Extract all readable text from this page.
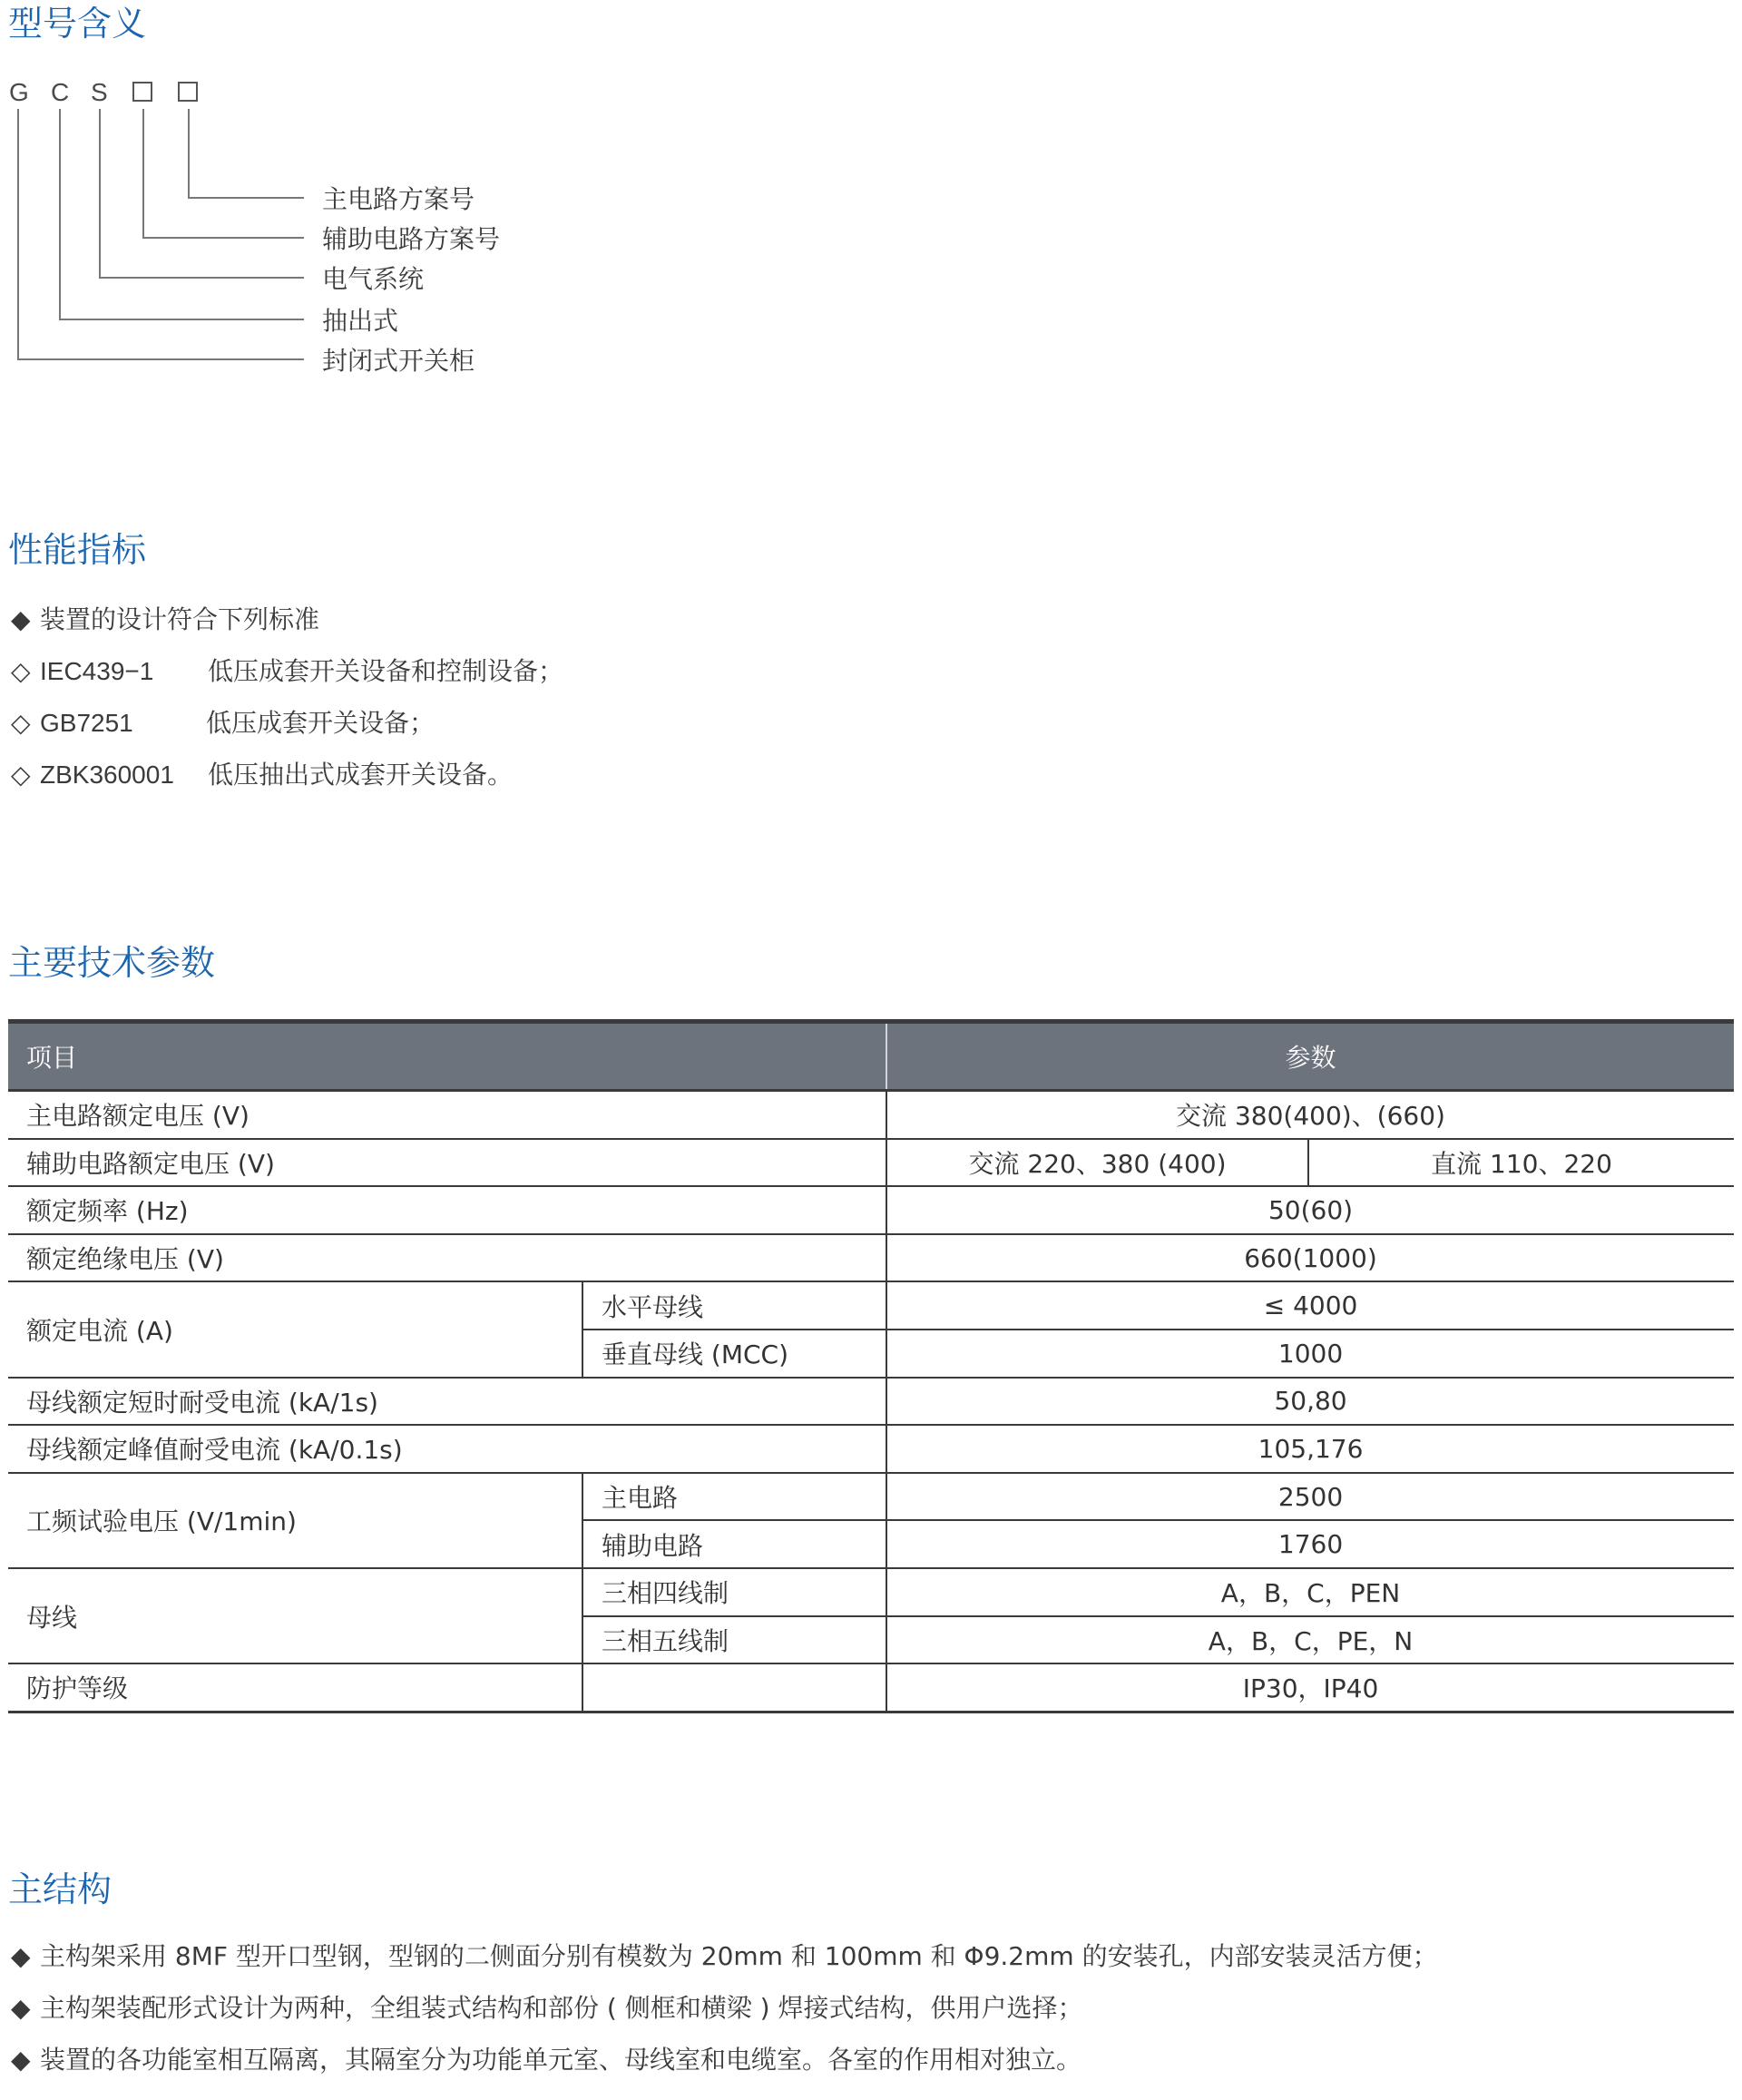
型号含义
G C S
主电路方案号
辅助电路方案号
电气系统
抽出式
封闭式开关柜
性能指标
◆ 装置的设计符合下列标准
◇ IEC439−1 低压成套开关设备和控制设备；
◇ GB7251	低压成套开关设备；
◇ ZBK360001 低压抽出式成套开关设备。
主要技术参数
项目		参数	
主电路额定电压 (V)		交流 380(400)、(660)	
辅助电路额定电压 (V)		交流 220、380 (400)	直流 110、220
额定频率 (Hz)		50(60)	
额定绝缘电压 (V)		660(1000)	
额定电流 (A)	水平母线	≤ 4000	
	垂直母线 (MCC)	1000	
母线额定短时耐受电流 (kA/1s)		50,80	
母线额定峰值耐受电流 (kA/0.1s)		105,176	
工频试验电压 (V/1min)	主电路	2500	
	辅助电路	1760	
母线	三相四线制	A，B，C，PEN	
	三相五线制	A，B，C，PE，N	
防护等级		IP30，IP40	
主结构
◆ 主构架采用 8MF 型开口型钢，型钢的二侧面分别有模数为 20mm 和 100mm 和 Φ9.2mm 的安装孔，内部安装灵活方便；
◆ 主构架装配形式设计为两种，全组装式结构和部份 ( 侧框和横梁 ) 焊接式结构，供用户选择；
◆ 装置的各功能室相互隔离，其隔室分为功能单元室、母线室和电缆室。各室的作用相对独立。
